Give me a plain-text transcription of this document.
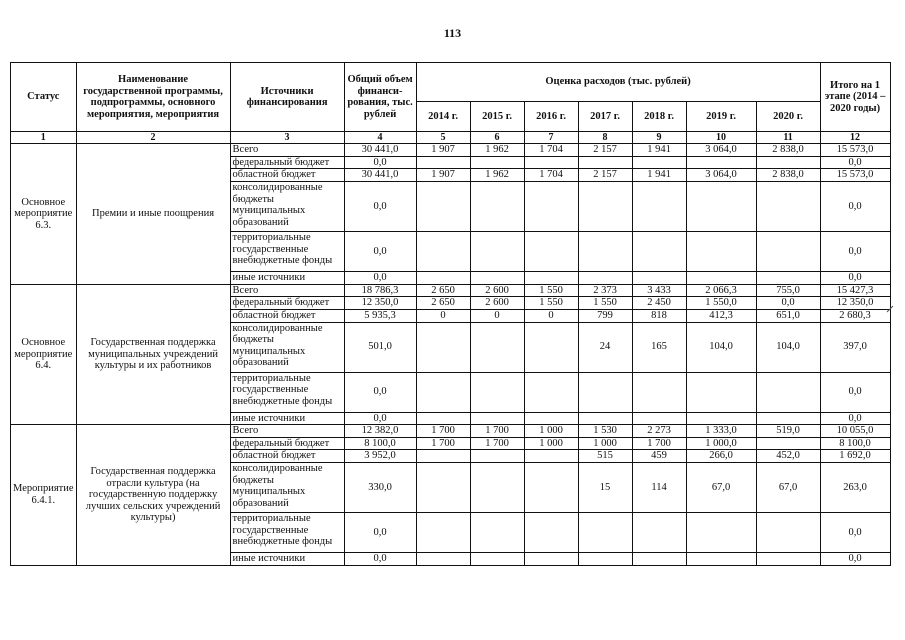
113
Статус	Наименование государственной программы, подпрограммы, основного мероприятия, мероприятия	Источники финансирования	Общий объем финанси-рования, тыс. рублей	Оценка расходов (тыс. рублей)							Итого на 1 этапе (2014 – 2020 годы)
				2014 г.	2015 г.	2016 г.	2017 г.	2018 г.	2019 г.	2020 г.	
1	2	3	4	5	6	7	8	9	10	11	12
Основное мероприятие 6.3.	Премии и иные поощрения	Всего	30 441,0	1 907	1 962	1 704	2 157	1 941	3 064,0	2 838,0	15 573,0
		федеральный бюджет	0,0								0,0
		областной бюджет	30 441,0	1 907	1 962	1 704	2 157	1 941	3 064,0	2 838,0	15 573,0
		консолидированные бюджеты муниципальных образований	0,0								0,0
		территориальные государственные внебюджетные фонды	0,0								0,0
		иные источники	0,0								0,0
Основное мероприятие 6.4.	Государственная поддержка муниципальных учреждений культуры и их работников	Всего	18 786,3	2 650	2 600	1 550	2 373	3 433	2 066,3	755,0	15 427,3
		федеральный бюджет	12 350,0	2 650	2 600	1 550	1 550	2 450	1 550,0	0,0	12 350,0
		областной бюджет	5 935,3	0	0	0	799	818	412,3	651,0	2 680,3
		консолидированные бюджеты муниципальных образований	501,0				24	165	104,0	104,0	397,0
		территориальные государственные внебюджетные фонды	0,0								0,0
		иные источники	0,0								0,0
Мероприятие 6.4.1.	Государственная поддержка отрасли культура (на государственную поддержку лучших сельских учреждений культуры)	Всего	12 382,0	1 700	1 700	1 000	1 530	2 273	1 333,0	519,0	10 055,0
		федеральный бюджет	8 100,0	1 700	1 700	1 000	1 000	1 700	1 000,0		8 100,0
		областной бюджет	3 952,0				515	459	266,0	452,0	1 692,0
		консолидированные бюджеты муниципальных образований	330,0				15	114	67,0	67,0	263,0
		территориальные государственные внебюджетные фонды	0,0								0,0
		иные источники	0,0								0,0
